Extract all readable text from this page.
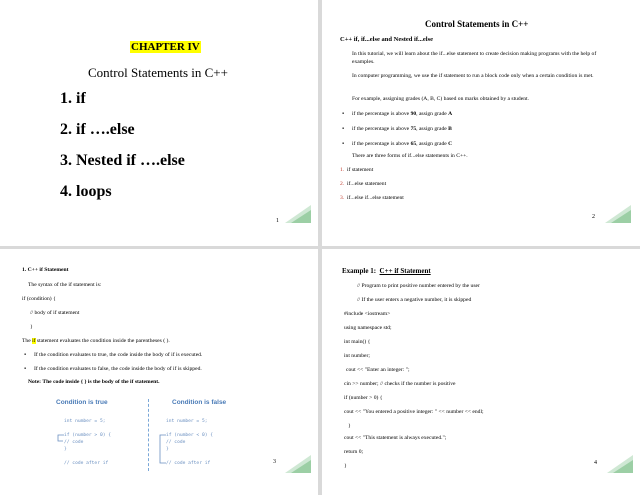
CHAPTER IV
Control Statements in C++
1. if
2. if ….else
3. Nested if ….else
4. loops
1
Control Statements in C++
C++ if, if...else and Nested if...else
In this tutorial, we will learn about the if...else statement to create decision making programs with the help of examples.
In computer programming, we use the if statement to run a block code only when a certain condition is met.
For example, assigning grades (A, B, C) based on marks obtained by a student.
▪ if the percentage is above 90, assign grade A
▪ if the percentage is above 75, assign grade B
▪ if the percentage is above 65, assign grade C
There are three forms of if...else statements in C++.
1. if statement
2. if...else statement
3. if...else if...else statement
2
1. C++ if Statement
The syntax of the if statement is:
if (condition) {
// body of if statement
}
The if statement evaluates the condition inside the parentheses ( ).
▪ If the condition evaluates to true, the code inside the body of if is executed.
▪ If the condition evaluates to false, the code inside the body of if is skipped.
Note: The code inside { } is the body of the if statement.
Condition is true	Condition is false
int number = 5;
if (number > 0) {
// code
}
// code after if
int number = 5;
if (number < 0) {
// code
}
// code after if	3
Example 1: C++ if Statement
// Program to print positive number entered by the user
// If the user enters a negative number, it is skipped
#include <iostream>
using namespace std;
int main() {
int number;
cout << "Enter an integer: ";
cin >> number; // checks if the number is positive
if (number > 0) {
cout << "You entered a positive integer: " << number << endl;
}
cout << "This statement is always executed.";
return 0;
}	4
